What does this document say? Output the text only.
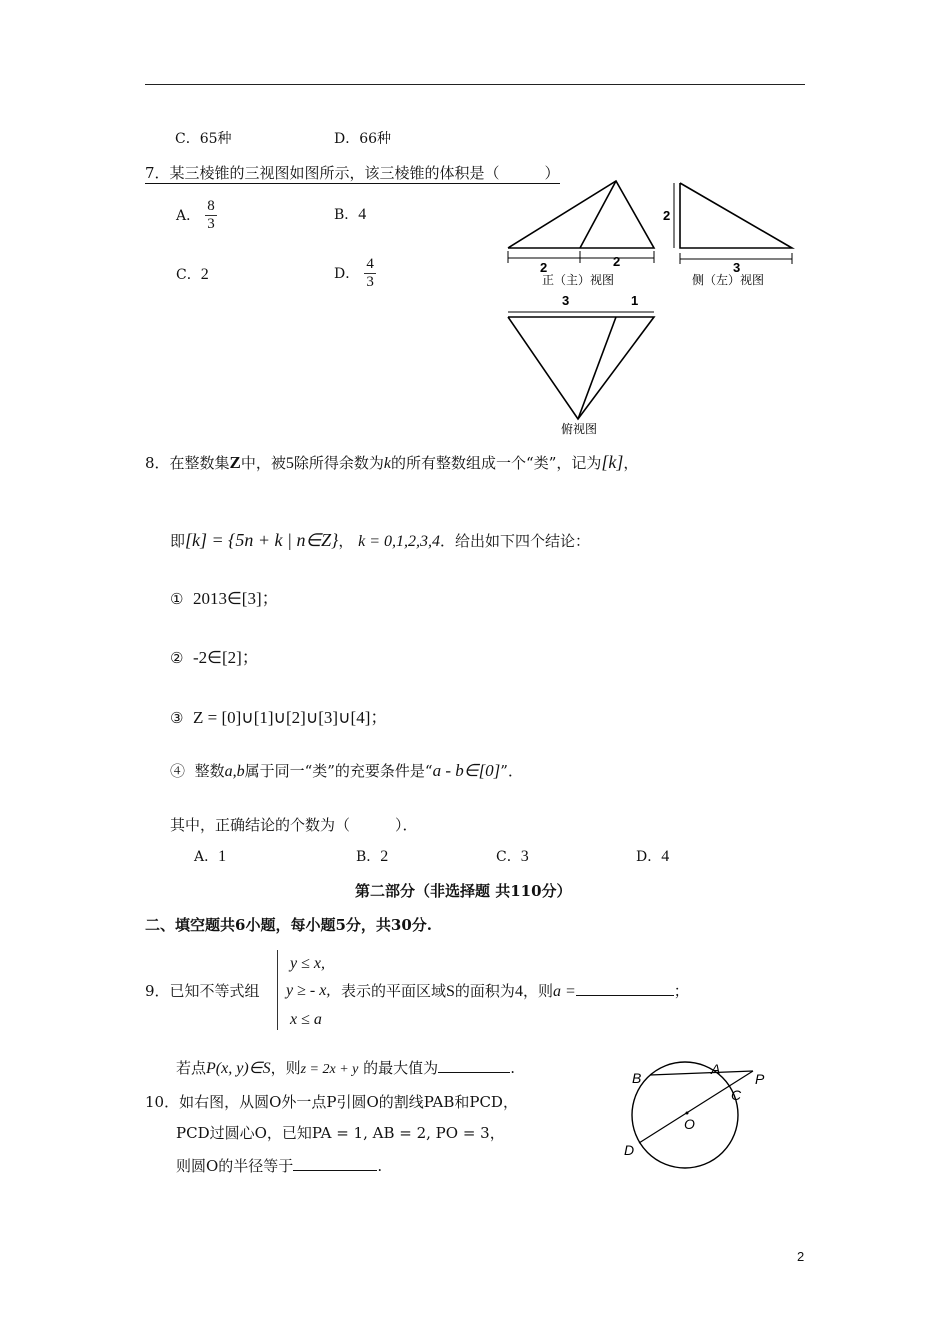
C．65种	D．66种
7．某三棱锥的三视图如图所示，该三棱锥的体积是（　　　）
A． $\frac{8}{3}$	B．4
C．2	D． $\frac{4}{3}$	2	2
正（主）视图
2
3
侧（左）视图
3	1
俯视图
8．在整数集Z中，被5除所得余数为k的所有整数组成一个“类”，记为[k]，
即[k] = {5n + k | n∈Z}， k = 0,1,2,3,4．给出如下四个结论：
① 2013∈[3]；
② -2∈[2]；
③ Z = [0]∪[1]∪[2]∪[3]∪[4]；
④ 整数a,b属于同一“类”的充要条件是“a - b∈[0]”．
其中，正确结论的个数为（　　　）．
A．1	B．2	C．3	D．4
第二部分（非选择题 共110分）
二、填空题共6小题，每小题5分，共30分.
9．已知不等式组
y ≤ x,
y ≥ - x,
x ≤ a
表示的平面区域S的面积为4，则a =	；
若点P(x, y)∈S，则z = 2x + y 的最大值为	.
10．如右图，从圆O外一点P引圆O的割线PAB和PCD，
PCD过圆心O，已知PA = 1, AB = 2, PO = 3，
则圆O的半径等于	.
B
A
P
C
O
D
2
